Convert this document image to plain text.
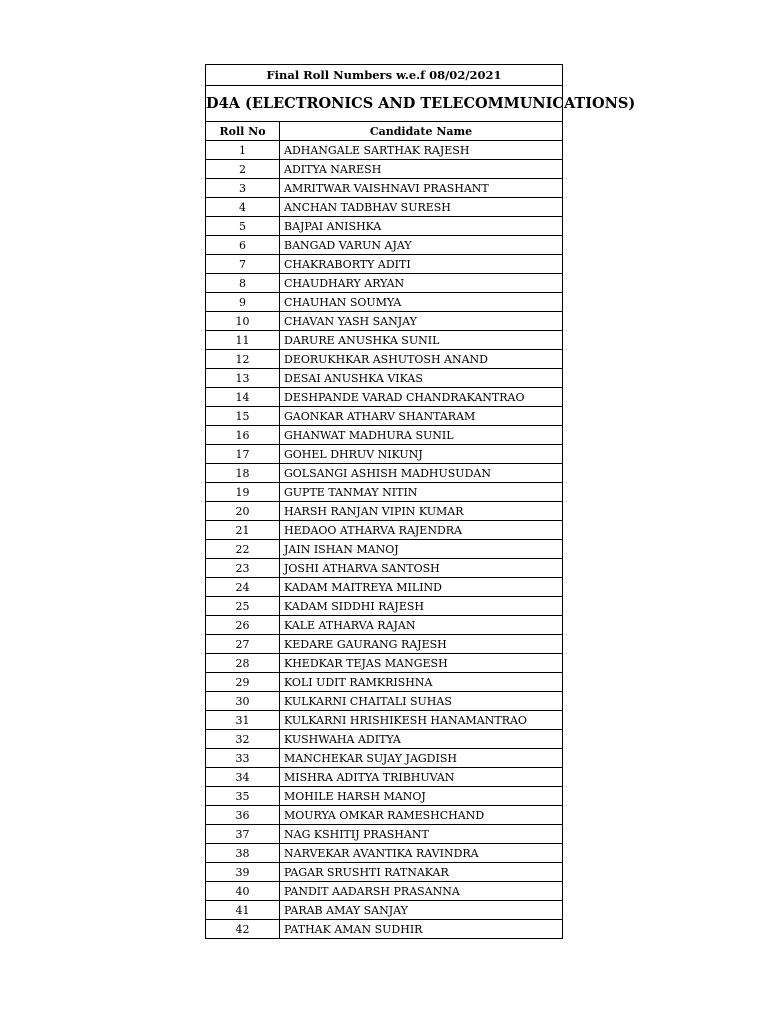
Final Roll Numbers w.e.f 08/02/2021	
D4A (ELECTRONICS AND TELECOMMUNICATIONS)	
Roll No	Candidate Name
1	ADHANGALE SARTHAK RAJESH
2	ADITYA NARESH
3	AMRITWAR VAISHNAVI PRASHANT
4	ANCHAN TADBHAV SURESH
5	BAJPAI ANISHKA
6	BANGAD VARUN AJAY
7	CHAKRABORTY ADITI
8	CHAUDHARY ARYAN
9	CHAUHAN SOUMYA
10	CHAVAN YASH SANJAY
11	DARURE ANUSHKA SUNIL
12	DEORUKHKAR ASHUTOSH ANAND
13	DESAI ANUSHKA VIKAS
14	DESHPANDE VARAD CHANDRAKANTRAO
15	GAONKAR ATHARV SHANTARAM
16	GHANWAT MADHURA SUNIL
17	GOHEL DHRUV NIKUNJ
18	GOLSANGI ASHISH MADHUSUDAN
19	GUPTE TANMAY NITIN
20	HARSH RANJAN VIPIN KUMAR
21	HEDAOO ATHARVA RAJENDRA
22	JAIN ISHAN MANOJ
23	JOSHI ATHARVA SANTOSH
24	KADAM MAITREYA MILIND
25	KADAM SIDDHI RAJESH
26	KALE ATHARVA RAJAN
27	KEDARE GAURANG RAJESH
28	KHEDKAR TEJAS MANGESH
29	KOLI UDIT RAMKRISHNA
30	KULKARNI CHAITALI SUHAS
31	KULKARNI HRISHIKESH HANAMANTRAO
32	KUSHWAHA ADITYA
33	MANCHEKAR SUJAY JAGDISH
34	MISHRA ADITYA TRIBHUVAN
35	MOHILE HARSH MANOJ
36	MOURYA OMKAR RAMESHCHAND
37	NAG KSHITIJ PRASHANT
38	NARVEKAR AVANTIKA RAVINDRA
39	PAGAR SRUSHTI RATNAKAR
40	PANDIT AADARSH PRASANNA
41	PARAB AMAY SANJAY
42	PATHAK AMAN SUDHIR
